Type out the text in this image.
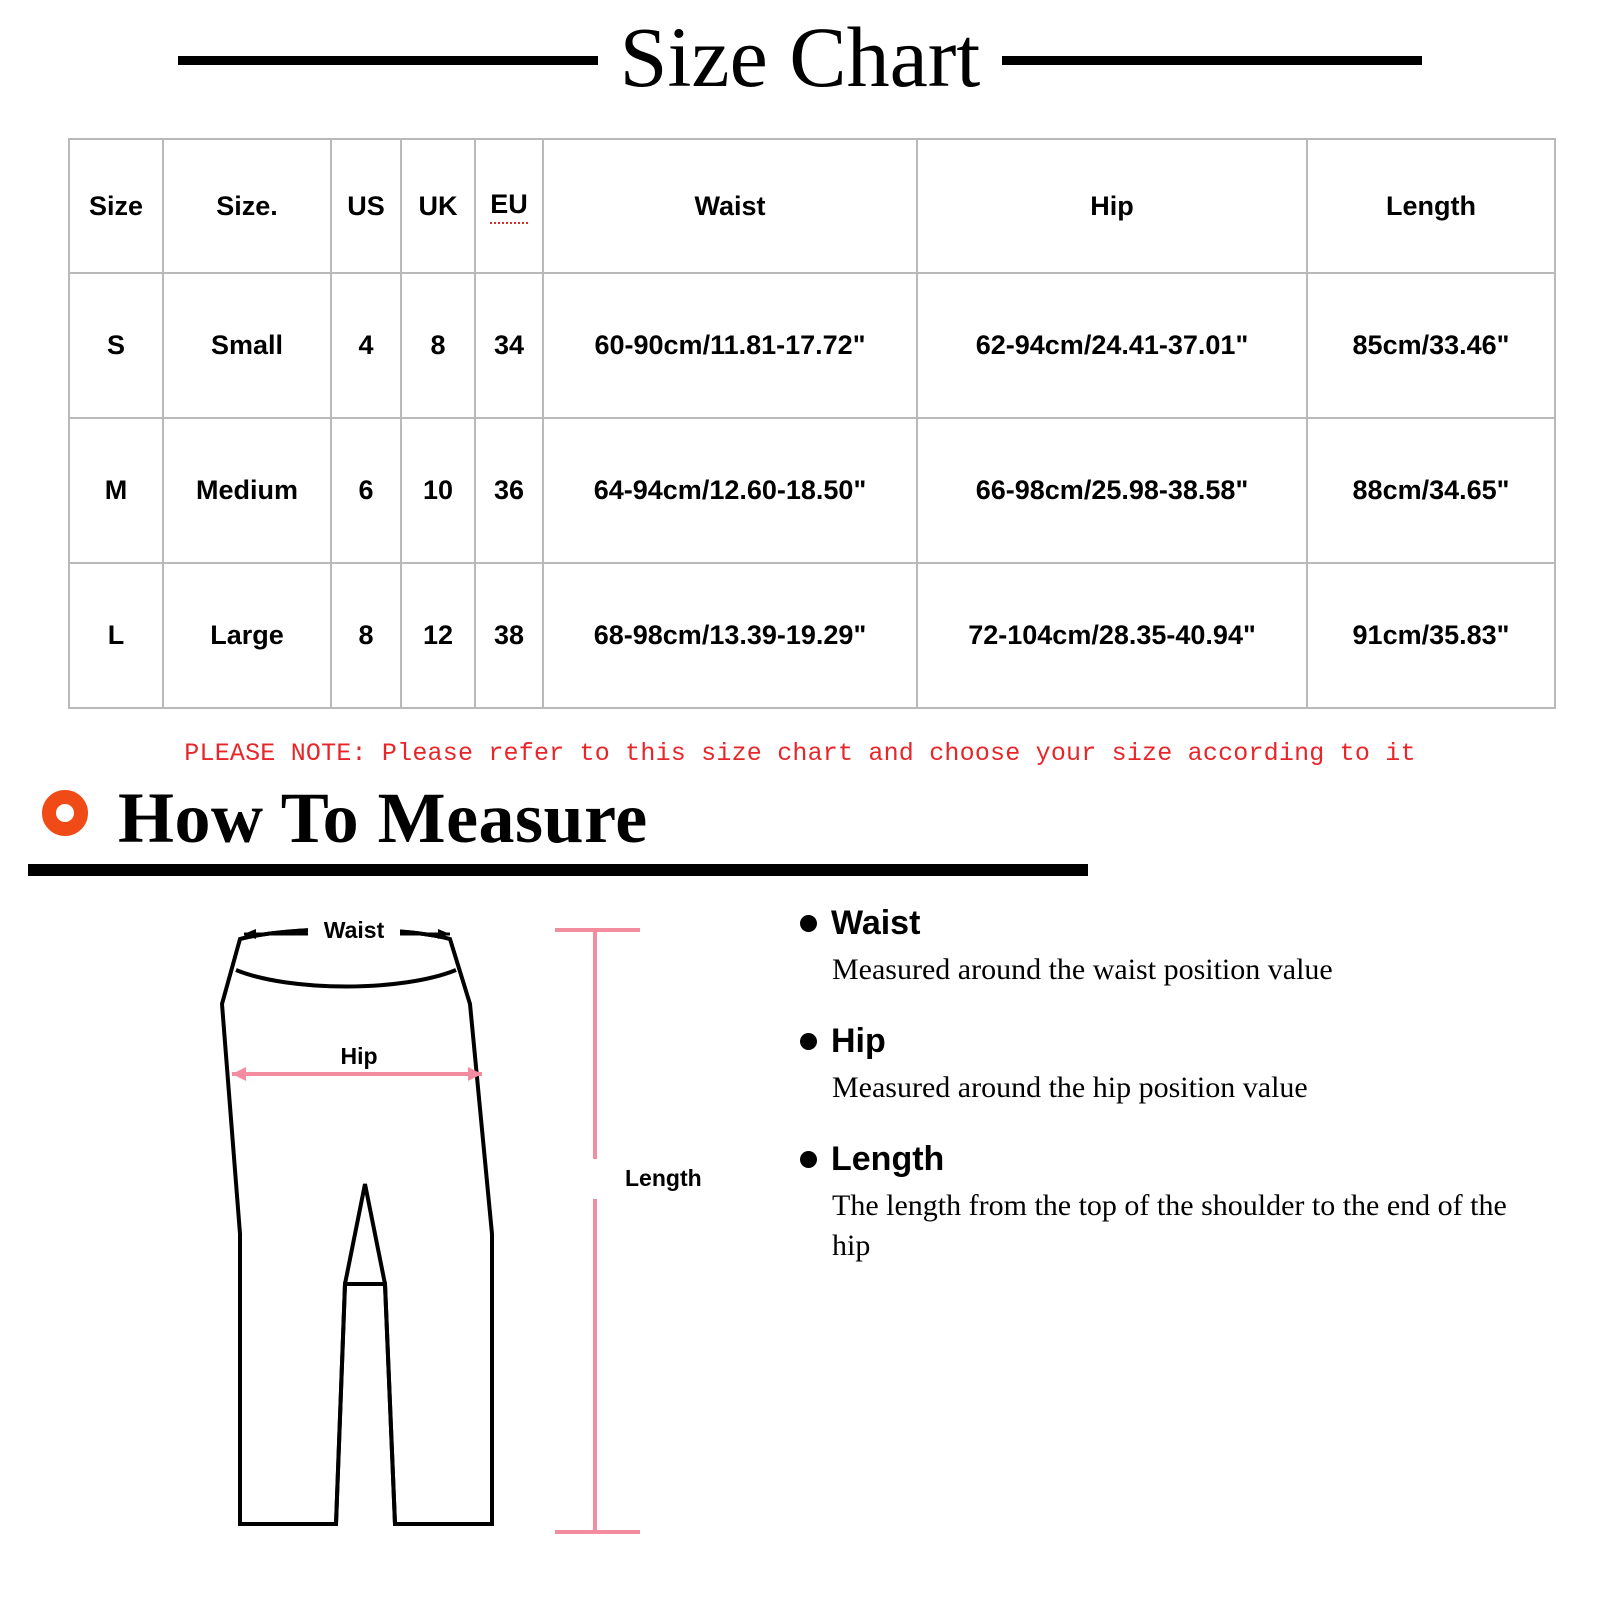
Size Chart
Size	Size.	US	UK	EU	Waist	Hip	Length
S	Small	4	8	34	60-90cm/11.81-17.72"	62-94cm/24.41-37.01"	85cm/33.46"
M	Medium	6	10	36	64-94cm/12.60-18.50"	66-98cm/25.98-38.58"	88cm/34.65"
L	Large	8	12	38	68-98cm/13.39-19.29"	72-104cm/28.35-40.94"	91cm/35.83"
PLEASE NOTE: Please refer to this size chart and choose your size according to it
How To Measure
Waist
Hip
Length
Waist
Measured around the waist position value
Hip
Measured around the hip position value
Length
The length from the top of the shoulder to the end of the hip
